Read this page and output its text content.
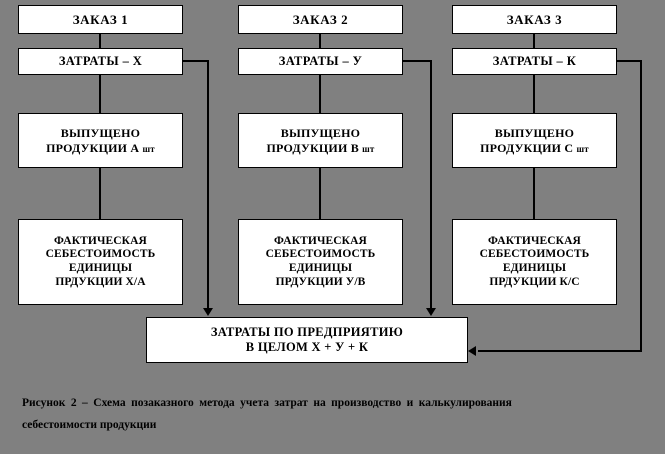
ЗАКАЗ 1
ЗАТРАТЫ – Х
ВЫПУЩЕНО
ПРОДУКЦИИ А шт
ФАКТИЧЕСКАЯ
СЕБЕСТОИМОСТЬ
ЕДИНИЦЫ
ПРДУКЦИИ Х/А
ЗАКАЗ 2
ЗАТРАТЫ – У
ВЫПУЩЕНО
ПРОДУКЦИИ В шт
ФАКТИЧЕСКАЯ
СЕБЕСТОИМОСТЬ
ЕДИНИЦЫ
ПРДУКЦИИ У/В
ЗАКАЗ 3
ЗАТРАТЫ – К
ВЫПУЩЕНО
ПРОДУКЦИИ С шт
ФАКТИЧЕСКАЯ
СЕБЕСТОИМОСТЬ
ЕДИНИЦЫ
ПРДУКЦИИ К/С
ЗАТРАТЫ ПО ПРЕДПРИЯТИЮ
В ЦЕЛОМ Х + У + К
Рисунок 2 – Схема позаказного метода учета затрат на производство и калькулирования
себестоимости продукции
